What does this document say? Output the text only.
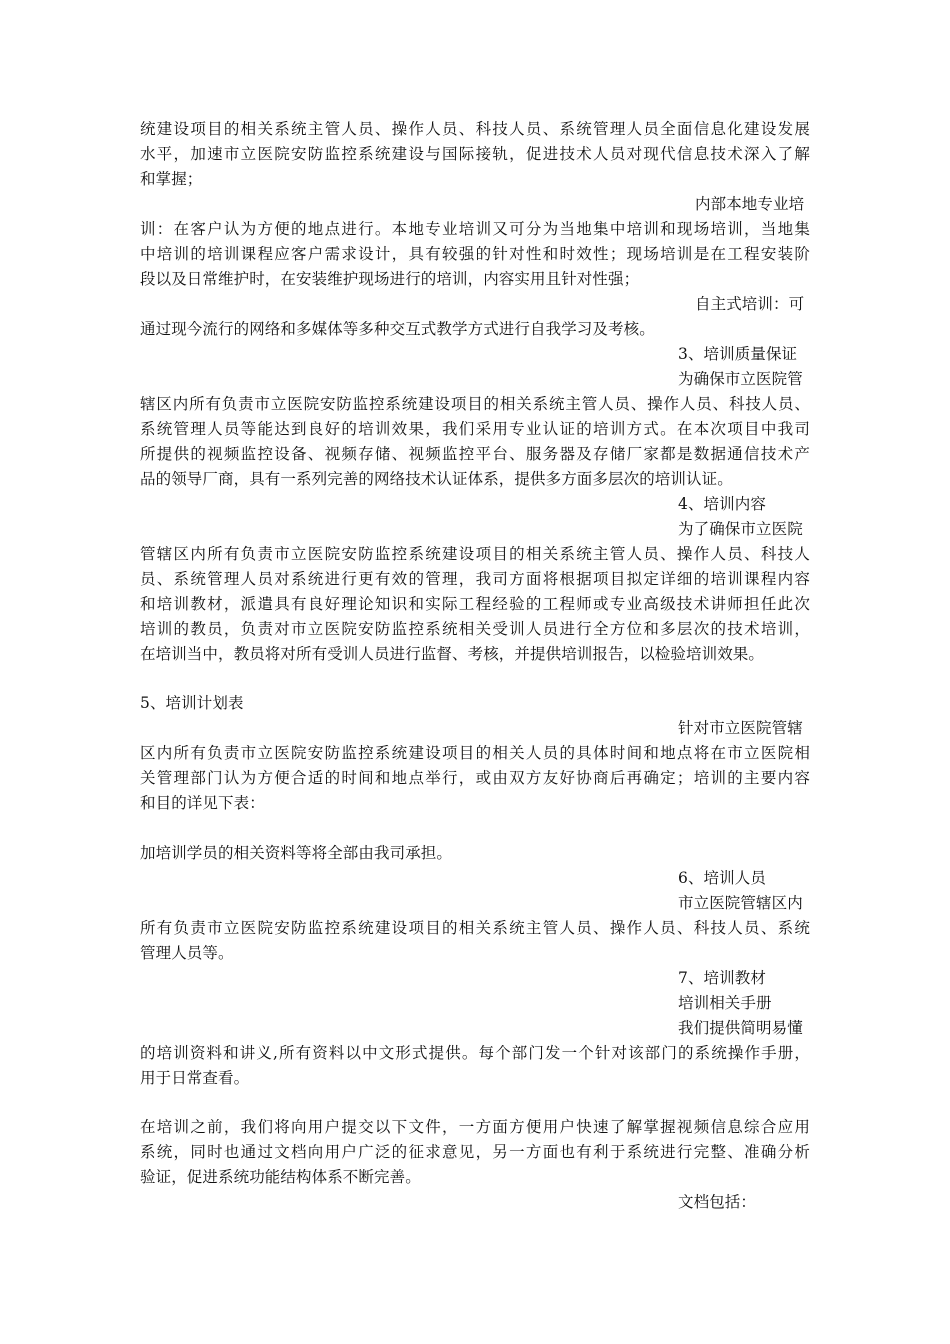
统建设项目的相关系统主管人员、操作人员、科技人员、系统管理人员全面信息化建设发展
水平，加速市立医院安防监控系统建设与国际接轨，促进技术人员对现代信息技术深入了解
和掌握；
内部本地专业培
训：在客户认为方便的地点进行。本地专业培训又可分为当地集中培训和现场培训，当地集
中培训的培训课程应客户需求设计，具有较强的针对性和时效性；现场培训是在工程安装阶
段以及日常维护时，在安装维护现场进行的培训，内容实用且针对性强；
自主式培训：可
通过现今流行的网络和多媒体等多种交互式教学方式进行自我学习及考核。
3、培训质量保证
为确保市立医院管
辖区内所有负责市立医院安防监控系统建设项目的相关系统主管人员、操作人员、科技人员、
系统管理人员等能达到良好的培训效果，我们采用专业认证的培训方式。在本次项目中我司
所提供的视频监控设备、视频存储、视频监控平台、服务器及存储厂家都是数据通信技术产
品的领导厂商，具有一系列完善的网络技术认证体系，提供多方面多层次的培训认证。
4、培训内容
为了确保市立医院
管辖区内所有负责市立医院安防监控系统建设项目的相关系统主管人员、操作人员、科技人
员、系统管理人员对系统进行更有效的管理，我司方面将根据项目拟定详细的培训课程内容
和培训教材，派遣具有良好理论知识和实际工程经验的工程师或专业高级技术讲师担任此次
培训的教员，负责对市立医院安防监控系统相关受训人员进行全方位和多层次的技术培训，
在培训当中，教员将对所有受训人员进行监督、考核，并提供培训报告，以检验培训效果。
5、培训计划表
针对市立医院管辖
区内所有负责市立医院安防监控系统建设项目的相关人员的具体时间和地点将在市立医院相
关管理部门认为方便合适的时间和地点举行，或由双方友好协商后再确定；培训的主要内容
和目的详见下表：
加培训学员的相关资料等将全部由我司承担。
6、培训人员
市立医院管辖区内
所有负责市立医院安防监控系统建设项目的相关系统主管人员、操作人员、科技人员、系统
管理人员等。
7、培训教材
培训相关手册
我们提供简明易懂
的培训资料和讲义,所有资料以中文形式提供。每个部门发一个针对该部门的系统操作手册，
用于日常查看。
在培训之前，我们将向用户提交以下文件，一方面方便用户快速了解掌握视频信息综合应用
系统，同时也通过文档向用户广泛的征求意见，另一方面也有利于系统进行完整、准确分析
验证，促进系统功能结构体系不断完善。
文档包括：
